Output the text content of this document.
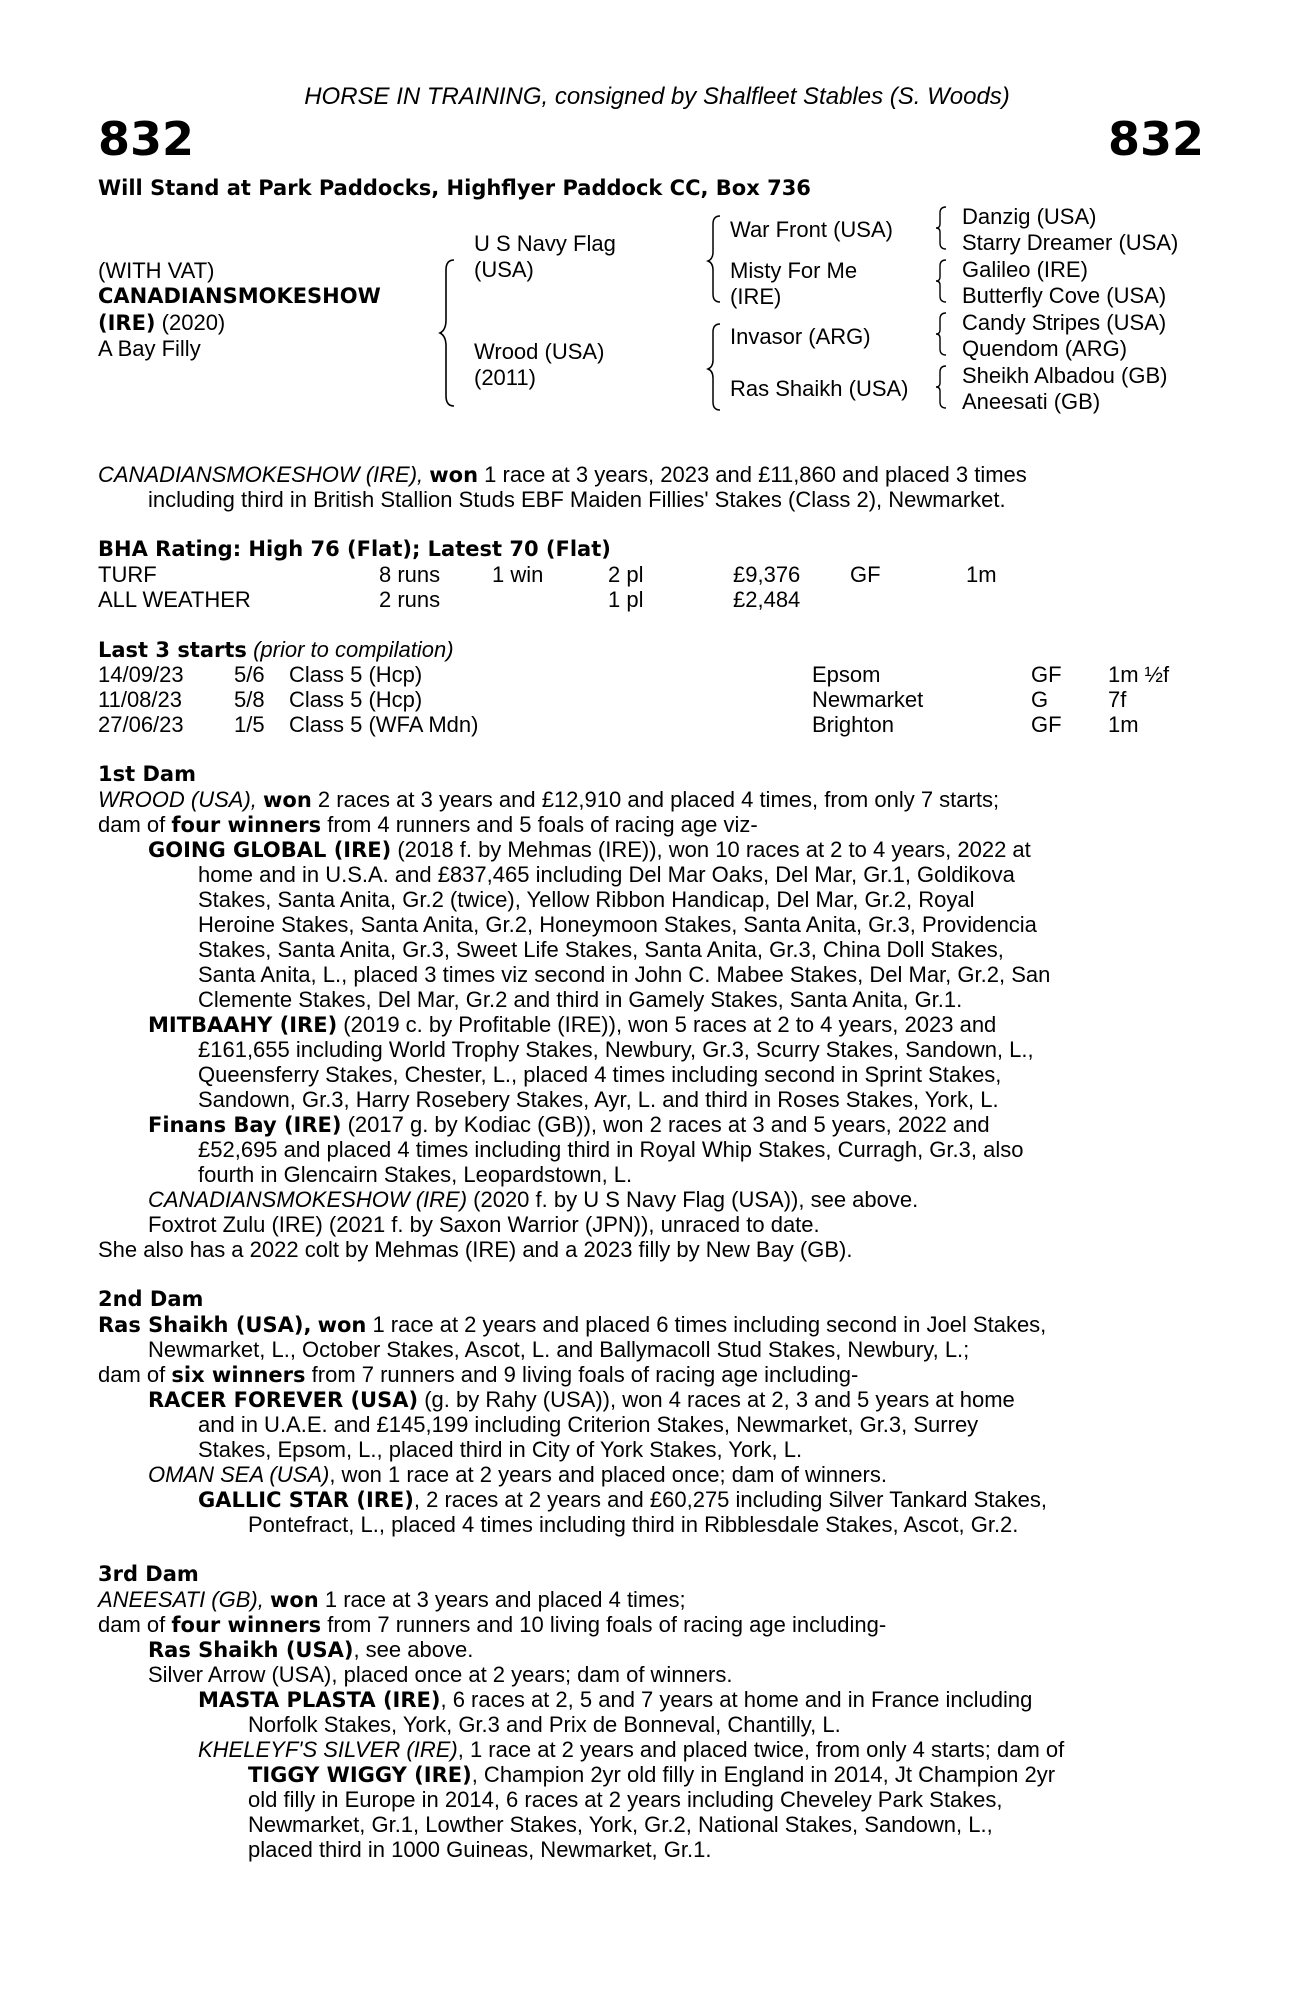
HORSE IN TRAINING, consigned by Shalfleet Stables (S. Woods)
832	832
Will Stand at Park Paddocks, Highflyer Paddock CC, Box 736
(WITH VAT)
CANADIANSMOKESHOW
(IRE) (2020)
A Bay Filly
U S Navy Flag
(USA)
Wrood (USA)
(2011)
War Front (USA)
Misty For Me
(IRE)
Invasor (ARG)
Ras Shaikh (USA)
Danzig (USA)
Starry Dreamer (USA)
Galileo (IRE)
Butterfly Cove (USA)
Candy Stripes (USA)
Quendom (ARG)
Sheikh Albadou (GB)
Aneesati (GB)
CANADIANSMOKESHOW (IRE), won 1 race at 3 years, 2023 and £11,860 and placed 3 times
including third in British Stallion Studs EBF Maiden Fillies' Stakes (Class 2), Newmarket.
BHA Rating: High 76 (Flat); Latest 70 (Flat)
TURF	8 runs 1 win	2 pl	£9,376 GF	1m
ALL WEATHER	2 runs	1 pl	£2,484
Last 3 starts (prior to compilation)
14/09/23 5/6 Class 5 (Hcp)	Epsom	GF 1m ½f
11/08/23 5/8 Class 5 (Hcp)	Newmarket	G	7f
27/06/23 1/5 Class 5 (WFA Mdn)	Brighton	GF 1m
1st Dam
WROOD (USA), won 2 races at 3 years and £12,910 and placed 4 times, from only 7 starts;
dam of four winners from 4 runners and 5 foals of racing age viz-
GOING GLOBAL (IRE) (2018 f. by Mehmas (IRE)), won 10 races at 2 to 4 years, 2022 at
home and in U.S.A. and £837,465 including Del Mar Oaks, Del Mar, Gr.1, Goldikova
Stakes, Santa Anita, Gr.2 (twice), Yellow Ribbon Handicap, Del Mar, Gr.2, Royal
Heroine Stakes, Santa Anita, Gr.2, Honeymoon Stakes, Santa Anita, Gr.3, Providencia
Stakes, Santa Anita, Gr.3, Sweet Life Stakes, Santa Anita, Gr.3, China Doll Stakes,
Santa Anita, L., placed 3 times viz second in John C. Mabee Stakes, Del Mar, Gr.2, San
Clemente Stakes, Del Mar, Gr.2 and third in Gamely Stakes, Santa Anita, Gr.1.
MITBAAHY (IRE) (2019 c. by Profitable (IRE)), won 5 races at 2 to 4 years, 2023 and
£161,655 including World Trophy Stakes, Newbury, Gr.3, Scurry Stakes, Sandown, L.,
Queensferry Stakes, Chester, L., placed 4 times including second in Sprint Stakes,
Sandown, Gr.3, Harry Rosebery Stakes, Ayr, L. and third in Roses Stakes, York, L.
Finans Bay (IRE) (2017 g. by Kodiac (GB)), won 2 races at 3 and 5 years, 2022 and
£52,695 and placed 4 times including third in Royal Whip Stakes, Curragh, Gr.3, also
fourth in Glencairn Stakes, Leopardstown, L.
CANADIANSMOKESHOW (IRE) (2020 f. by U S Navy Flag (USA)), see above.
Foxtrot Zulu (IRE) (2021 f. by Saxon Warrior (JPN)), unraced to date.
She also has a 2022 colt by Mehmas (IRE) and a 2023 filly by New Bay (GB).
2nd Dam
Ras Shaikh (USA), won 1 race at 2 years and placed 6 times including second in Joel Stakes,
Newmarket, L., October Stakes, Ascot, L. and Ballymacoll Stud Stakes, Newbury, L.;
dam of six winners from 7 runners and 9 living foals of racing age including-
RACER FOREVER (USA) (g. by Rahy (USA)), won 4 races at 2, 3 and 5 years at home
and in U.A.E. and £145,199 including Criterion Stakes, Newmarket, Gr.3, Surrey
Stakes, Epsom, L., placed third in City of York Stakes, York, L.
OMAN SEA (USA), won 1 race at 2 years and placed once; dam of winners.
GALLIC STAR (IRE), 2 races at 2 years and £60,275 including Silver Tankard Stakes,
Pontefract, L., placed 4 times including third in Ribblesdale Stakes, Ascot, Gr.2.
3rd Dam
ANEESATI (GB), won 1 race at 3 years and placed 4 times;
dam of four winners from 7 runners and 10 living foals of racing age including-
Ras Shaikh (USA), see above.
Silver Arrow (USA), placed once at 2 years; dam of winners.
MASTA PLASTA (IRE), 6 races at 2, 5 and 7 years at home and in France including
Norfolk Stakes, York, Gr.3 and Prix de Bonneval, Chantilly, L.
KHELEYF'S SILVER (IRE), 1 race at 2 years and placed twice, from only 4 starts; dam of
TIGGY WIGGY (IRE), Champion 2yr old filly in England in 2014, Jt Champion 2yr
old filly in Europe in 2014, 6 races at 2 years including Cheveley Park Stakes,
Newmarket, Gr.1, Lowther Stakes, York, Gr.2, National Stakes, Sandown, L.,
placed third in 1000 Guineas, Newmarket, Gr.1.
